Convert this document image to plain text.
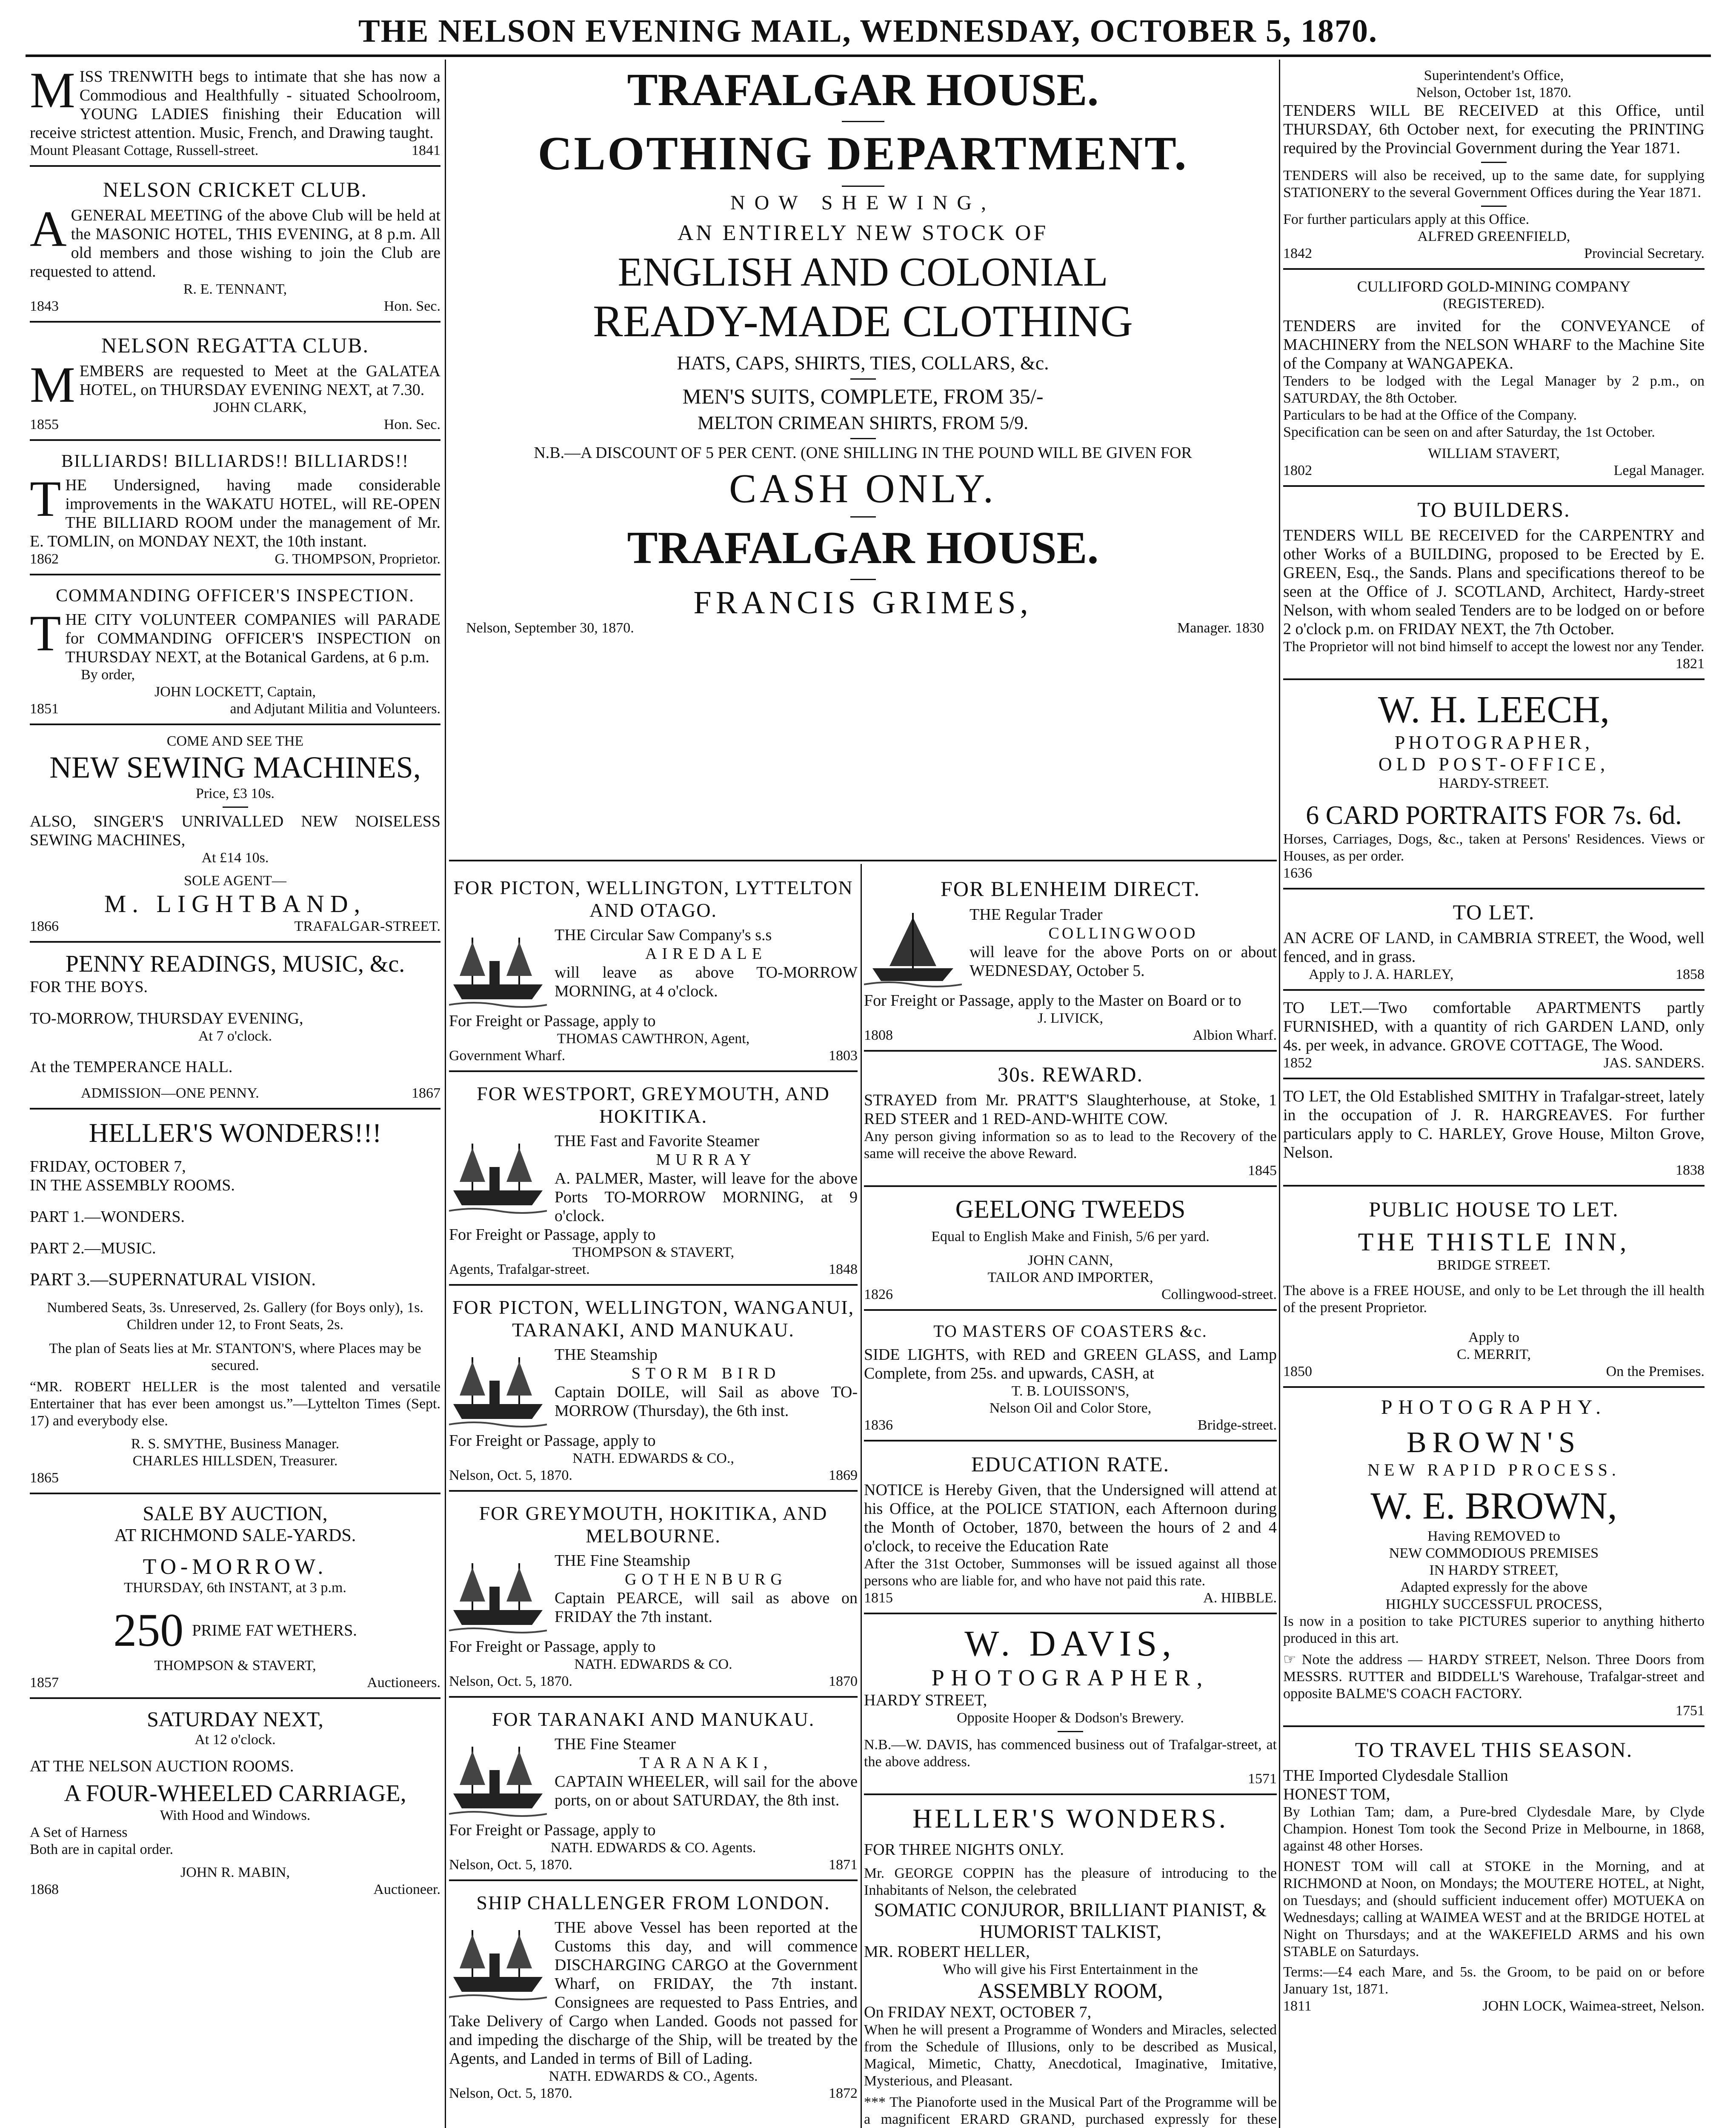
THE NELSON EVENING MAIL, WEDNESDAY, OCTOBER 5, 1870.
MISS TRENWITH begs to intimate that she has now a Commodious and Healthfully - situated Schoolroom, YOUNG LADIES finishing their Education will receive strictest attention. Music, French, and Drawing taught.
Mount Pleasant Cottage, Russell-street.	1841
NELSON CRICKET CLUB.
AGENERAL MEETING of the above Club will be held at the MASONIC HOTEL, THIS EVENING, at 8 p.m. All old members and those wishing to join the Club are requested to attend.
R. E. TENNANT,
1843	Hon. Sec.
NELSON REGATTA CLUB.
MEMBERS are requested to Meet at the GALATEA HOTEL, on THURSDAY EVENING NEXT, at 7.30.
JOHN CLARK,
1855	Hon. Sec.
BILLIARDS! BILLIARDS!! BILLIARDS!!
THE Undersigned, having made considerable improvements in the WAKATU HOTEL, will RE-OPEN THE BILLIARD ROOM under the management of Mr. E. TOMLIN, on MONDAY NEXT, the 10th instant.
1862	G. THOMPSON, Proprietor.
COMMANDING OFFICER'S INSPECTION.
THE CITY VOLUNTEER COMPANIES will PARADE for COMMANDING OFFICER'S INSPECTION on THURSDAY NEXT, at the Botanical Gardens, at 6 p.m.
By order,
JOHN LOCKETT, Captain,
1851	and Adjutant Militia and Volunteers.
COME AND SEE THE
NEW SEWING MACHINES,
Price, £3 10s.
ALSO, SINGER'S UNRIVALLED NEW NOISELESS SEWING MACHINES,
At £14 10s.
SOLE AGENT—
M. LIGHTBAND,
1866	TRAFALGAR-STREET.
PENNY READINGS, MUSIC, &c.
FOR THE BOYS.
TO-MORROW, THURSDAY EVENING,
At 7 o'clock.
At the TEMPERANCE HALL.
ADMISSION—ONE PENNY.	1867
HELLER'S WONDERS!!!
FRIDAY, OCTOBER 7,
IN THE ASSEMBLY ROOMS.
PART 1.—WONDERS.
PART 2.—MUSIC.
PART 3.—SUPERNATURAL VISION.
Numbered Seats, 3s. Unreserved, 2s. Gallery (for Boys only), 1s. Children under 12, to Front Seats, 2s.
The plan of Seats lies at Mr. STANTON'S, where Places may be secured.
“MR. ROBERT HELLER is the most talented and versatile Entertainer that has ever been amongst us.”—Lyttelton Times (Sept. 17) and everybody else.
R. S. SMYTHE, Business Manager.
CHARLES HILLSDEN, Treasurer.
1865
SALE BY AUCTION,
AT RICHMOND SALE-YARDS.
TO-MORROW.
THURSDAY, 6th INSTANT, at 3 p.m.
250 PRIME FAT WETHERS.
THOMPSON & STAVERT,
1857	Auctioneers.
SATURDAY NEXT,
At 12 o'clock.
AT THE NELSON AUCTION ROOMS.
A FOUR-WHEELED CARRIAGE,
With Hood and Windows.
A Set of Harness
Both are in capital order.
JOHN R. MABIN,
1868	Auctioneer.
TRAFALGAR HOUSE.
CLOTHING DEPARTMENT.
NOW SHEWING,
AN ENTIRELY NEW STOCK OF
ENGLISH AND COLONIAL
READY-MADE CLOTHING
HATS, CAPS, SHIRTS, TIES, COLLARS, &c.
MEN'S SUITS, COMPLETE, FROM 35/-
MELTON CRIMEAN SHIRTS, FROM 5/9.
N.B.—A DISCOUNT OF 5 PER CENT. (ONE SHILLING IN THE POUND WILL BE GIVEN FOR
CASH ONLY.
TRAFALGAR HOUSE.
FRANCIS GRIMES,
Nelson, September 30, 1870.	Manager. 1830
FOR PICTON, WELLINGTON, LYTTELTON AND OTAGO.
THE Circular Saw Company's s.s
AIREDALE
will leave as above TO-MORROW MORNING, at 4 o'clock.
For Freight or Passage, apply to
THOMAS CAWTHRON, Agent,
Government Wharf.	1803
FOR WESTPORT, GREYMOUTH, AND HOKITIKA.
THE Fast and Favorite Steamer
MURRAY
A. PALMER, Master, will leave for the above Ports TO-MORROW MORNING, at 9 o'clock.
For Freight or Passage, apply to
THOMPSON & STAVERT,
Agents, Trafalgar-street.	1848
FOR PICTON, WELLINGTON, WANGANUI, TARANAKI, AND MANUKAU.
THE Steamship
STORM BIRD
Captain DOILE, will Sail as above TO-MORROW (Thursday), the 6th inst.
For Freight or Passage, apply to
NATH. EDWARDS & CO.,
Nelson, Oct. 5, 1870.	1869
FOR GREYMOUTH, HOKITIKA, AND MELBOURNE.
THE Fine Steamship
GOTHENBURG
Captain PEARCE, will sail as above on FRIDAY the 7th instant.
For Freight or Passage, apply to
NATH. EDWARDS & CO.
Nelson, Oct. 5, 1870.	1870
FOR TARANAKI AND MANUKAU.
THE Fine Steamer
TARANAKI,
CAPTAIN WHEELER, will sail for the above ports, on or about SATURDAY, the 8th inst.
For Freight or Passage, apply to
NATH. EDWARDS & CO. Agents.
Nelson, Oct. 5, 1870.	1871
SHIP CHALLENGER FROM LONDON.
THE above Vessel has been reported at the Customs this day, and will commence DISCHARGING CARGO at the Government Wharf, on FRIDAY, the 7th instant. Consignees are requested to Pass Entries, and Take Delivery of Cargo when Landed. Goods not passed for and impeding the discharge of the Ship, will be treated by the Agents, and Landed in terms of Bill of Lading.
NATH. EDWARDS & CO., Agents.
Nelson, Oct. 5, 1870.	1872
FOR BLENHEIM DIRECT.
THE Regular Trader
COLLINGWOOD
will leave for the above Ports on or about WEDNESDAY, October 5.
For Freight or Passage, apply to the Master on Board or to
J. LIVICK,
1808	Albion Wharf.
30s. REWARD.
STRAYED from Mr. PRATT'S Slaughterhouse, at Stoke, 1 RED STEER and 1 RED-AND-WHITE COW.
Any person giving information so as to lead to the Recovery of the same will receive the above Reward.
1845
GEELONG TWEEDS
Equal to English Make and Finish, 5/6 per yard.
JOHN CANN,
TAILOR AND IMPORTER,
1826	Collingwood-street.
TO MASTERS OF COASTERS &c.
SIDE LIGHTS, with RED and GREEN GLASS, and Lamp Complete, from 25s. and upwards, CASH, at
T. B. LOUISSON'S,
Nelson Oil and Color Store,
1836	Bridge-street.
EDUCATION RATE.
NOTICE is Hereby Given, that the Undersigned will attend at his Office, at the POLICE STATION, each Afternoon during the Month of October, 1870, between the hours of 2 and 4 o'clock, to receive the Education Rate
After the 31st October, Summonses will be issued against all those persons who are liable for, and who have not paid this rate.
1815	A. HIBBLE.
W. DAVIS,
PHOTOGRAPHER,
HARDY STREET,
Opposite Hooper & Dodson's Brewery.
N.B.—W. DAVIS, has commenced business out of Trafalgar-street, at the above address.
1571
HELLER'S WONDERS.
FOR THREE NIGHTS ONLY.
Mr. GEORGE COPPIN has the pleasure of introducing to the Inhabitants of Nelson, the celebrated
SOMATIC CONJUROR, BRILLIANT PIANIST, & HUMORIST TALKIST,
MR. ROBERT HELLER,
Who will give his First Entertainment in the
ASSEMBLY ROOM,
On FRIDAY NEXT, OCTOBER 7,
When he will present a Programme of Wonders and Miracles, selected from the Schedule of Illusions, only to be described as Musical, Magical, Mimetic, Chatty, Anecdotical, Imaginative, Imitative, Mysterious, and Pleasant.
*** The Pianoforte used in the Musical Part of the Programme will be a magnificent ERARD GRAND, purchased expressly for these
Superintendent's Office,
Nelson, October 1st, 1870.
TENDERS WILL BE RECEIVED at this Office, until THURSDAY, 6th October next, for executing the PRINTING required by the Provincial Government during the Year 1871.
TENDERS will also be received, up to the same date, for supplying STATIONERY to the several Government Offices during the Year 1871.
For further particulars apply at this Office.
ALFRED GREENFIELD,
1842	Provincial Secretary.
CULLIFORD GOLD-MINING COMPANY
(REGISTERED).
TENDERS are invited for the CONVEYANCE of MACHINERY from the NELSON WHARF to the Machine Site of the Company at WANGAPEKA.
Tenders to be lodged with the Legal Manager by 2 p.m., on SATURDAY, the 8th October.
Particulars to be had at the Office of the Company.
Specification can be seen on and after Saturday, the 1st October.
WILLIAM STAVERT,
1802	Legal Manager.
TO BUILDERS.
TENDERS WILL BE RECEIVED for the CARPENTRY and other Works of a BUILDING, proposed to be Erected by E. GREEN, Esq., the Sands. Plans and specifications thereof to be seen at the Office of J. SCOTLAND, Architect, Hardy-street Nelson, with whom sealed Tenders are to be lodged on or before 2 o'clock p.m. on FRIDAY NEXT, the 7th October.
The Proprietor will not bind himself to accept the lowest nor any Tender.
1821
W. H. LEECH,
PHOTOGRAPHER,
OLD POST-OFFICE,
HARDY-STREET.
6 CARD PORTRAITS FOR 7s. 6d.
Horses, Carriages, Dogs, &c., taken at Persons' Residences. Views or Houses, as per order.
1636
TO LET.
AN ACRE OF LAND, in CAMBRIA STREET, the Wood, well fenced, and in grass.
Apply to J. A. HARLEY,	1858
TO LET.—Two comfortable APARTMENTS partly FURNISHED, with a quantity of rich GARDEN LAND, only 4s. per week, in advance. GROVE COTTAGE, The Wood.
1852	JAS. SANDERS.
TO LET, the Old Established SMITHY in Trafalgar-street, lately in the occupation of J. R. HARGREAVES. For further particulars apply to C. HARLEY, Grove House, Milton Grove, Nelson.
1838
PUBLIC HOUSE TO LET.
THE THISTLE INN,
BRIDGE STREET.
The above is a FREE HOUSE, and only to be Let through the ill health of the present Proprietor.
Apply to
C. MERRIT,
1850	On the Premises.
PHOTOGRAPHY.
BROWN'S
NEW RAPID PROCESS.
W. E. BROWN,
Having REMOVED to
NEW COMMODIOUS PREMISES
IN HARDY STREET,
Adapted expressly for the above
HIGHLY SUCCESSFUL PROCESS,
Is now in a position to take PICTURES superior to anything hitherto produced in this art.
☞ Note the address — HARDY STREET, Nelson. Three Doors from MESSRS. RUTTER and BIDDELL'S Warehouse, Trafalgar-street and opposite BALME'S COACH FACTORY.
1751
TO TRAVEL THIS SEASON.
THE Imported Clydesdale Stallion
HONEST TOM,
By Lothian Tam; dam, a Pure-bred Clydesdale Mare, by Clyde Champion. Honest Tom took the Second Prize in Melbourne, in 1868, against 48 other Horses.
HONEST TOM will call at STOKE in the Morning, and at RICHMOND at Noon, on Mondays; the MOUTERE HOTEL, at Night, on Tuesdays; and (should sufficient inducement offer) MOTUEKA on Wednesdays; calling at WAIMEA WEST and at the BRIDGE HOTEL at Night on Thursdays; and at the WAKEFIELD ARMS and his own STABLE on Saturdays.
Terms:—£4 each Mare, and 5s. the Groom, to be paid on or before January 1st, 1871.
1811	JOHN LOCK, Waimea-street, Nelson.
